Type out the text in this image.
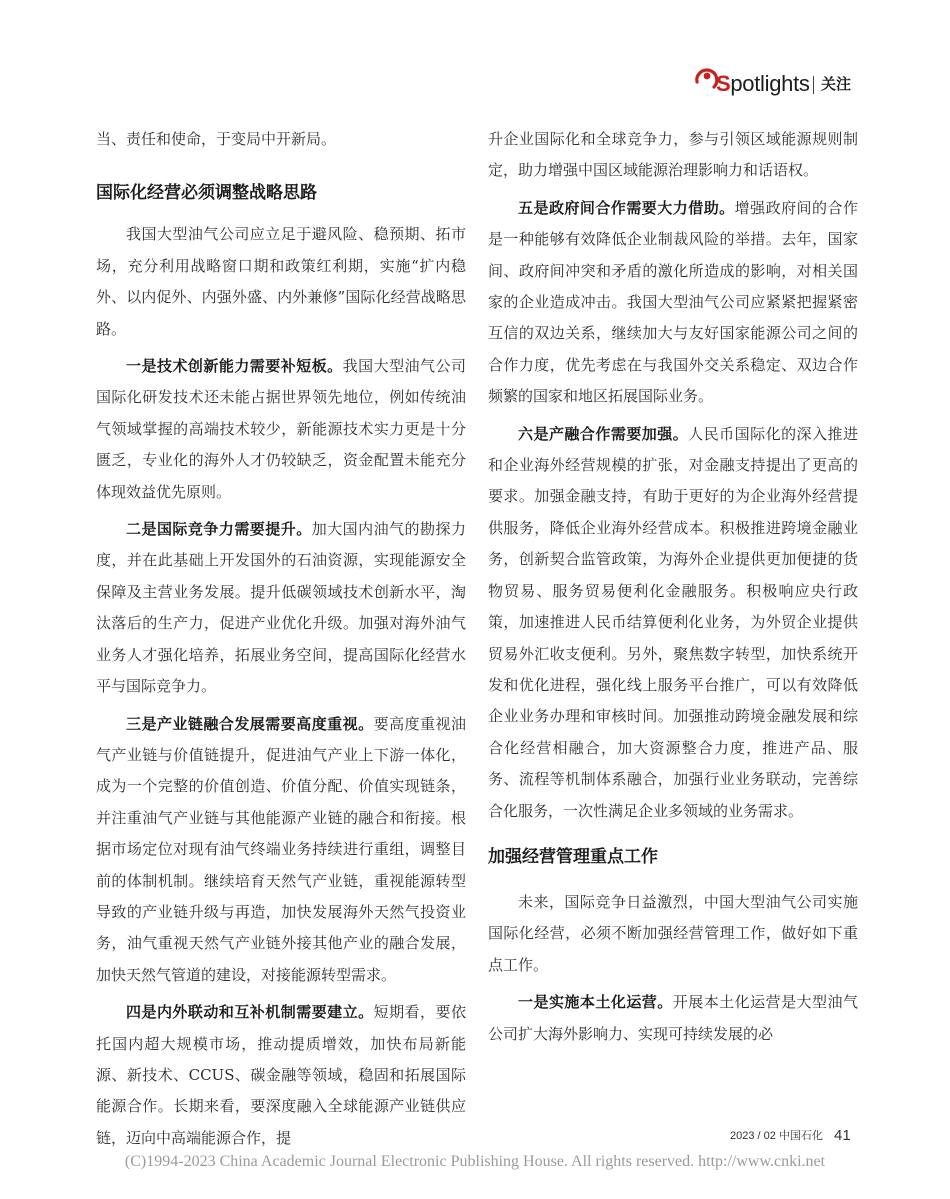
Spotlights 关注

当、责任和使命，于变局中开新局。

国际化经营必须调整战略思路

我国大型油气公司应立足于避风险、稳预期、拓市场，充分利用战略窗口期和政策红利期，实施“扩内稳外、以内促外、内强外盛、内外兼修”国际化经营战略思路。

一是技术创新能力需要补短板。我国大型油气公司国际化研发技术还未能占据世界领先地位，例如传统油气领域掌握的高端技术较少，新能源技术实力更是十分匮乏，专业化的海外人才仍较缺乏，资金配置未能充分体现效益优先原则。

二是国际竞争力需要提升。加大国内油气的勘探力度，并在此基础上开发国外的石油资源，实现能源安全保障及主营业务发展。提升低碳领域技术创新水平，淘汰落后的生产力，促进产业优化升级。加强对海外油气业务人才强化培养，拓展业务空间，提高国际化经营水平与国际竞争力。

三是产业链融合发展需要高度重视。要高度重视油气产业链与价值链提升，促进油气产业上下游一体化，成为一个完整的价值创造、价值分配、价值实现链条，并注重油气产业链与其他能源产业链的融合和衔接。根据市场定位对现有油气终端业务持续进行重组，调整目前的体制机制。继续培育天然气产业链，重视能源转型导致的产业链升级与再造，加快发展海外天然气投资业务，油气重视天然气产业链外接其他产业的融合发展，加快天然气管道的建设，对接能源转型需求。

四是内外联动和互补机制需要建立。短期看，要依托国内超大规模市场，推动提质增效，加快布局新能源、新技术、CCUS、碳金融等领域，稳固和拓展国际能源合作。长期来看，要深度融入全球能源产业链供应链，迈向中高端能源合作，提

升企业国际化和全球竞争力，参与引领区域能源规则制定，助力增强中国区域能源治理影响力和话语权。

五是政府间合作需要大力借助。增强政府间的合作是一种能够有效降低企业制裁风险的举措。去年，国家间、政府间冲突和矛盾的激化所造成的影响，对相关国家的企业造成冲击。我国大型油气公司应紧紧把握紧密互信的双边关系，继续加大与友好国家能源公司之间的合作力度，优先考虑在与我国外交关系稳定、双边合作频繁的国家和地区拓展国际业务。

六是产融合作需要加强。人民币国际化的深入推进和企业海外经营规模的扩张，对金融支持提出了更高的要求。加强金融支持，有助于更好的为企业海外经营提供服务，降低企业海外经营成本。积极推进跨境金融业务，创新契合监管政策，为海外企业提供更加便捷的货物贸易、服务贸易便利化金融服务。积极响应央行政策，加速推进人民币结算便利化业务，为外贸企业提供贸易外汇收支便利。另外，聚焦数字转型，加快系统开发和优化进程，强化线上服务平台推广，可以有效降低企业业务办理和审核时间。加强推动跨境金融发展和综合化经营相融合，加大资源整合力度，推进产品、服务、流程等机制体系融合，加强行业业务联动，完善综合化服务，一次性满足企业多领域的业务需求。

加强经营管理重点工作

未来，国际竞争日益激烈，中国大型油气公司实施国际化经营，必须不断加强经营管理工作，做好如下重点工作。

一是实施本土化运营。开展本土化运营是大型油气公司扩大海外影响力、实现可持续发展的必

2023 / 02 中国石化 41
(C)1994-2023 China Academic Journal Electronic Publishing House. All rights reserved. http://www.cnki.net
